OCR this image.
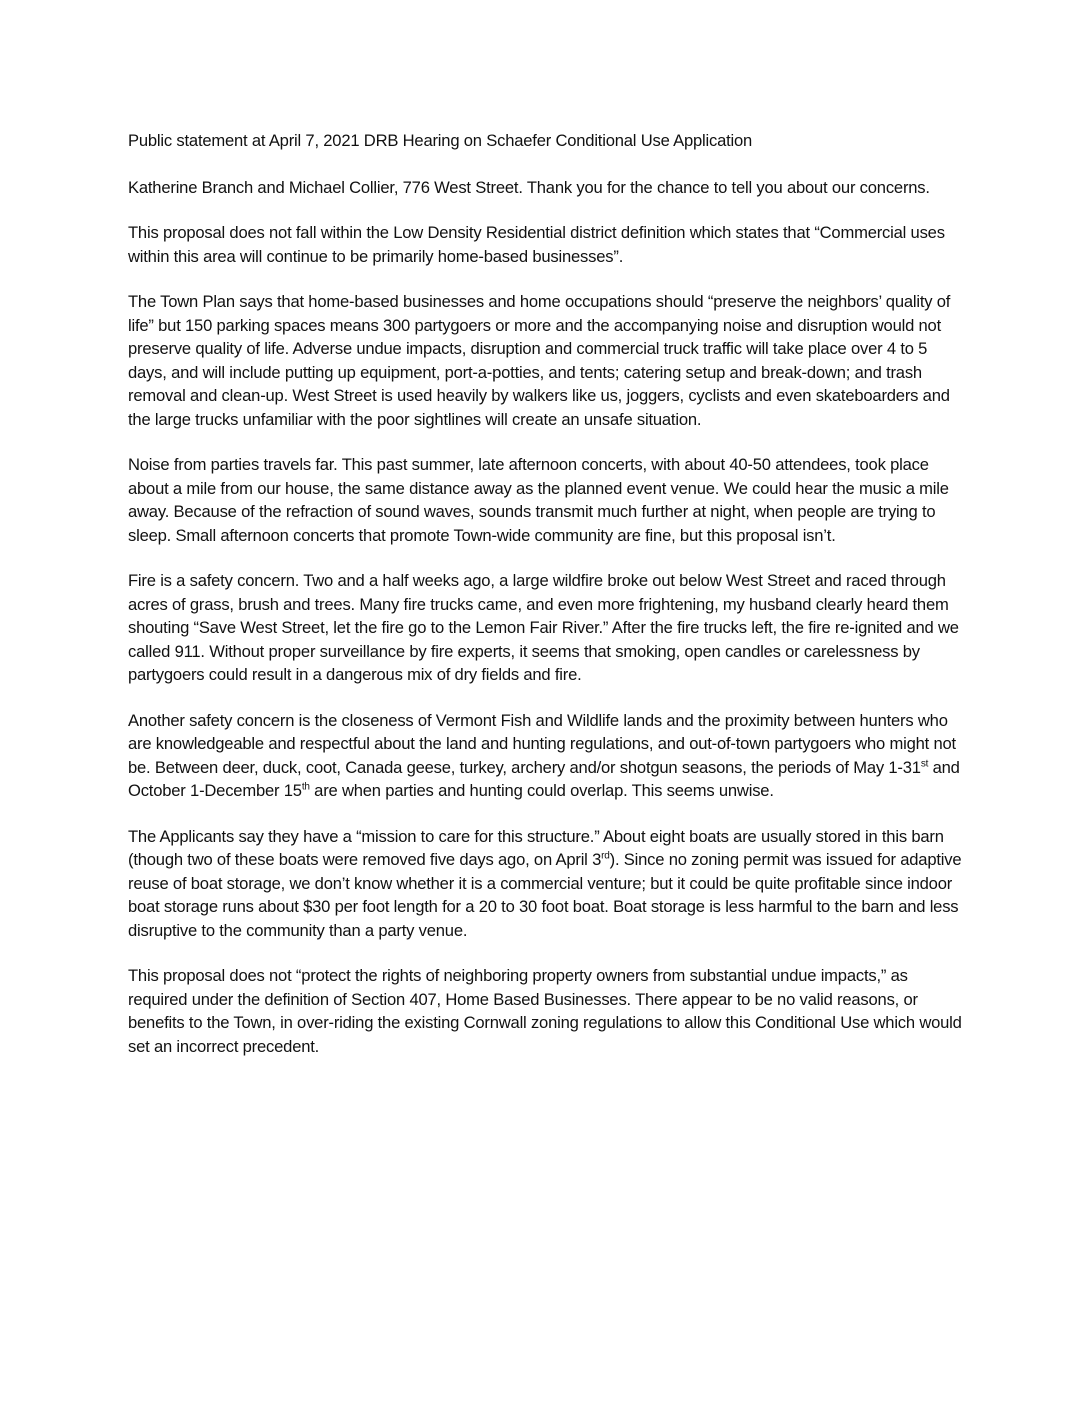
Public statement at April 7, 2021 DRB Hearing on Schaefer Conditional Use Application

Katherine Branch and Michael Collier, 776 West Street. Thank you for the chance to tell you about our concerns.

This proposal does not fall within the Low Density Residential district definition which states that “Commercial uses within this area will continue to be primarily home-based businesses”.

The Town Plan says that home-based businesses and home occupations should “preserve the neighbors’ quality of life” but 150 parking spaces means 300 partygoers or more and the accompanying noise and disruption would not preserve quality of life. Adverse undue impacts, disruption and commercial truck traffic will take place over 4 to 5 days, and will include putting up equipment, port-a-potties, and tents; catering setup and break-down; and trash removal and clean-up. West Street is used heavily by walkers like us, joggers, cyclists and even skateboarders and the large trucks unfamiliar with the poor sightlines will create an unsafe situation.

Noise from parties travels far. This past summer, late afternoon concerts, with about 40-50 attendees, took place about a mile from our house, the same distance away as the planned event venue. We could hear the music a mile away. Because of the refraction of sound waves, sounds transmit much further at night, when people are trying to sleep. Small afternoon concerts that promote Town-wide community are fine, but this proposal isn’t.

Fire is a safety concern. Two and a half weeks ago, a large wildfire broke out below West Street and raced through acres of grass, brush and trees. Many fire trucks came, and even more frightening, my husband clearly heard them shouting “Save West Street, let the fire go to the Lemon Fair River.” After the fire trucks left, the fire re-ignited and we called 911. Without proper surveillance by fire experts, it seems that smoking, open candles or carelessness by partygoers could result in a dangerous mix of dry fields and fire.

Another safety concern is the closeness of Vermont Fish and Wildlife lands and the proximity between hunters who are knowledgeable and respectful about the land and hunting regulations, and out-of-town partygoers who might not be. Between deer, duck, coot, Canada geese, turkey, archery and/or shotgun seasons, the periods of May 1-31st and October 1-December 15th are when parties and hunting could overlap. This seems unwise.

The Applicants say they have a “mission to care for this structure.” About eight boats are usually stored in this barn (though two of these boats were removed five days ago, on April 3rd). Since no zoning permit was issued for adaptive reuse of boat storage, we don’t know whether it is a commercial venture; but it could be quite profitable since indoor boat storage runs about $30 per foot length for a 20 to 30 foot boat. Boat storage is less harmful to the barn and less disruptive to the community than a party venue.

This proposal does not “protect the rights of neighboring property owners from substantial undue impacts,” as required under the definition of Section 407, Home Based Businesses. There appear to be no valid reasons, or benefits to the Town, in over-riding the existing Cornwall zoning regulations to allow this Conditional Use which would set an incorrect precedent.
